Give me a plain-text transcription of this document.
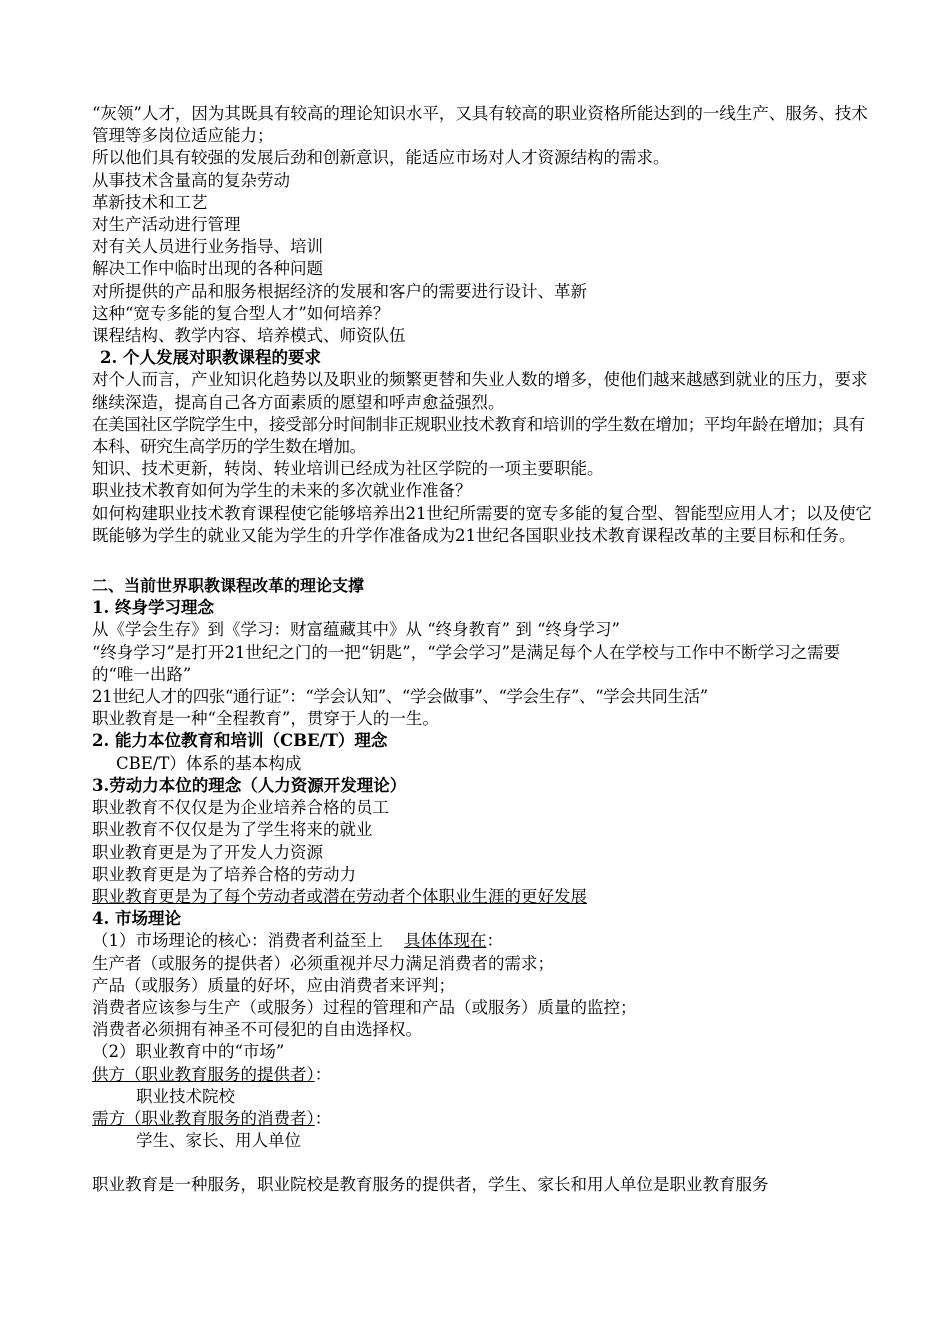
“灰领”人才，因为其既具有较高的理论知识水平，又具有较高的职业资格所能达到的一线生产、服务、技术管理等多岗位适应能力；

所以他们具有较强的发展后劲和创新意识，能适应市场对人才资源结构的需求。

从事技术含量高的复杂劳动

革新技术和工艺

对生产活动进行管理

对有关人员进行业务指导、培训

解决工作中临时出现的各种问题

对所提供的产品和服务根据经济的发展和客户的需要进行设计、革新

这种“宽专多能的复合型人才”如何培养？

课程结构、教学内容、培养模式、师资队伍

2. 个人发展对职教课程的要求

对个人而言，产业知识化趋势以及职业的频繁更替和失业人数的增多，使他们越来越感到就业的压力，要求继续深造，提高自己各方面素质的愿望和呼声愈益强烈。

在美国社区学院学生中，接受部分时间制非正规职业技术教育和培训的学生数在增加；平均年龄在增加；具有本科、研究生高学历的学生数在增加。

知识、技术更新，转岗、转业培训已经成为社区学院的一项主要职能。

职业技术教育如何为学生的未来的多次就业作准备？

如何构建职业技术教育课程使它能够培养出21世纪所需要的宽专多能的复合型、智能型应用人才；以及使它既能够为学生的就业又能为学生的升学作准备成为21世纪各国职业技术教育课程改革的主要目标和任务。

二、当前世界职教课程改革的理论支撑

1. 终身学习理念

从《学会生存》到《学习：财富蕴藏其中》从 “终身教育” 到 “终身学习”

“终身学习”是打开21世纪之门的一把“钥匙”，“学会学习”是满足每个人在学校与工作中不断学习之需要的“唯一出路”

21世纪人才的四张“通行证”：“学会认知”、“学会做事”、“学会生存”、“学会共同生活”

职业教育是一种“全程教育”，贯穿于人的一生。

2. 能力本位教育和培训（CBE/T）理念

CBE/T）体系的基本构成

3.劳动力本位的理念（人力资源开发理论）

职业教育不仅仅是为企业培养合格的员工

职业教育不仅仅是为了学生将来的就业

职业教育更是为了开发人力资源

职业教育更是为了培养合格的劳动力

职业教育更是为了每个劳动者或潜在劳动者个体职业生涯的更好发展

4. 市场理论

（1）市场理论的核心：消费者利益至上 具体体现在：

生产者（或服务的提供者）必须重视并尽力满足消费者的需求；

产品（或服务）质量的好坏，应由消费者来评判；

消费者应该参与生产（或服务）过程的管理和产品（或服务）质量的监控；

消费者必须拥有神圣不可侵犯的自由选择权。

（2）职业教育中的“市场”

供方（职业教育服务的提供者）：

职业技术院校

需方（职业教育服务的消费者）：

学生、家长、用人单位

职业教育是一种服务，职业院校是教育服务的提供者，学生、家长和用人单位是职业教育服务
